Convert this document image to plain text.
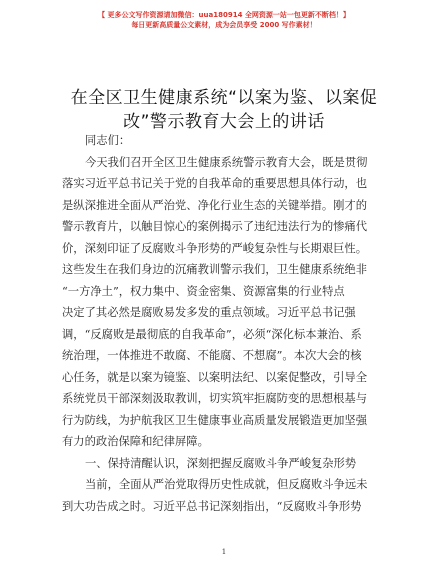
【 更多公文写作资源请加微信：uua180914 全网资源一站一包更新不断档！】
每日更新高质量公文素材，成为会员享受 2000 写作素材！
在全区卫生健康系统“以案为鉴、以案促
改”警示教育大会上的讲话
同志们：
今天我们召开全区卫生健康系统警示教育大会，既是贯彻
落实习近平总书记关于党的自我革命的重要思想具体行动，也
是纵深推进全面从严治党、净化行业生态的关键举措。刚才的
警示教育片，以触目惊心的案例揭示了违纪违法行为的惨痛代
价，深刻印证了反腐败斗争形势的严峻复杂性与长期艰巨性。
这些发生在我们身边的沉痛教训警示我们，卫生健康系统绝非
“一方净土”，权力集中、资金密集、资源富集的行业特点
决定了其必然是腐败易发多发的重点领域。习近平总书记强
调，“反腐败是最彻底的自我革命”，必须“深化标本兼治、系
统治理，一体推进不敢腐、不能腐、不想腐”。本次大会的核
心任务，就是以案为镜鉴、以案明法纪、以案促整改，引导全
系统党员干部深刻汲取教训，切实筑牢拒腐防变的思想根基与
行为防线，为护航我区卫生健康事业高质量发展锻造更加坚强
有力的政治保障和纪律屏障。
一、保持清醒认识，深刻把握反腐败斗争严峻复杂形势
当前，全面从严治党取得历史性成就，但反腐败斗争远未
到大功告成之时。习近平总书记深刻指出，“反腐败斗争形势
1
